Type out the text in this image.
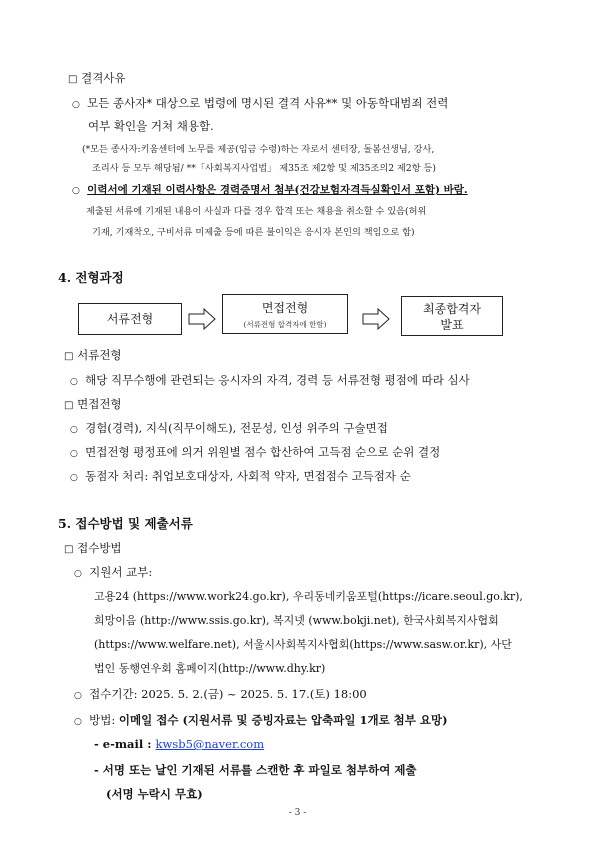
□ 결격사유
○ 모든 종사자* 대상으로 법령에 명시된 결격 사유** 및 아동학대범죄 전력
여부 확인을 거쳐 채용함.
(*모든 종사자:키움센터에 노무를 제공(임금 수령)하는 자로서 센터장, 돌봄선생님, 강사,
조리사 등 모두 해당됨/ **「사회복지사업법」 제35조 제2항 및 제35조의2 제2항 등)
○ 이력서에 기재된 이력사항은 경력증명서 첨부(건강보험자격득실확인서 포함) 바람.
제출된 서류에 기재된 내용이 사실과 다를 경우 합격 또는 채용을 취소할 수 있음(허위
기재, 기재착오, 구비서류 미제출 등에 따른 불이익은 응시자 본인의 책임으로 함)
4. 전형과정
서류전형
면접전형
(서류전형 합격자에 한함)
최종합격자
발표
□ 서류전형
○ 해당 직무수행에 관련되는 응시자의 자격, 경력 등 서류전형 평점에 따라 심사
□ 면접전형
○ 경험(경력), 지식(직무이해도), 전문성, 인성 위주의 구술면접
○ 면접전형 평정표에 의거 위원별 점수 합산하여 고득점 순으로 순위 결정
○ 동점자 처리: 취업보호대상자, 사회적 약자, 면접점수 고득점자 순
5. 접수방법 및 제출서류
□ 접수방법
○ 지원서 교부:
고용24 (https://www.work24.go.kr), 우리동네키움포털(https://icare.seoul.go.kr),
희망이음 (http://www.ssis.go.kr), 복지넷 (www.bokji.net), 한국사회복지사협회
(https://www.welfare.net), 서울시사회복지사협회(https://www.sasw.or.kr), 사단
법인 동행연우회 홈페이지(http://www.dhy.kr)
○ 접수기간: 2025. 5. 2.(금) ~ 2025. 5. 17.(토) 18:00
○ 방법: 이메일 접수 (지원서류 및 증빙자료는 압축파일 1개로 첨부 요망)
- e-mail : kwsb5@naver.com
- 서명 또는 날인 기재된 서류를 스캔한 후 파일로 첨부하여 제출
(서명 누락시 무효)
- 3 -
